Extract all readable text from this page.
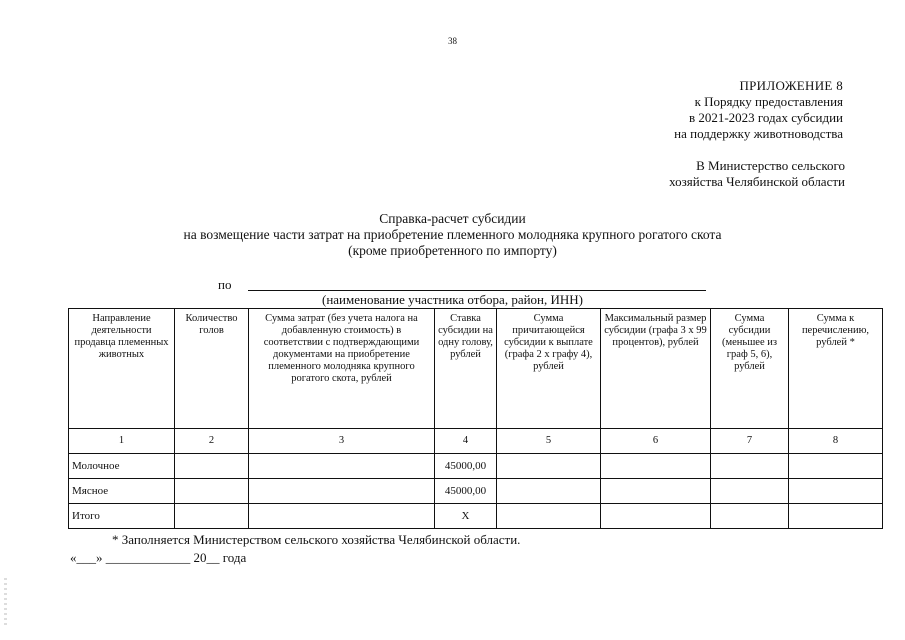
38
ПРИЛОЖЕНИЕ 8
к Порядку предоставления
в 2021-2023 годах субсидии
на поддержку животноводства
В Министерство сельского
хозяйства Челябинской области
Справка-расчет субсидии
на возмещение части затрат на приобретение племенного молодняка крупного рогатого скота
(кроме приобретенного по импорту)
по
(наименование участника отбора, район, ИНН)
Направление деятельности продавца племенных животных	Количество голов	Сумма затрат (без учета налога на добавленную стоимость) в соответствии с подтверждающими документами на приобретение племенного молодняка крупного рогатого скота, рублей	Ставка субсидии на одну голову, рублей	Сумма причитающейся субсидии к выплате (графа 2 х графу 4), рублей	Максимальный размер субсидии (графа 3 х 99 процентов), рублей	Сумма субсидии (меньшее из граф 5, 6), рублей	Сумма к перечислению, рублей *
1	2	3	4	5	6	7	8
Молочное			45000,00				
Мясное			45000,00				
Итого			Х				
* Заполняется Министерством сельского хозяйства Челябинской области.
«___» _____________ 20__ года
